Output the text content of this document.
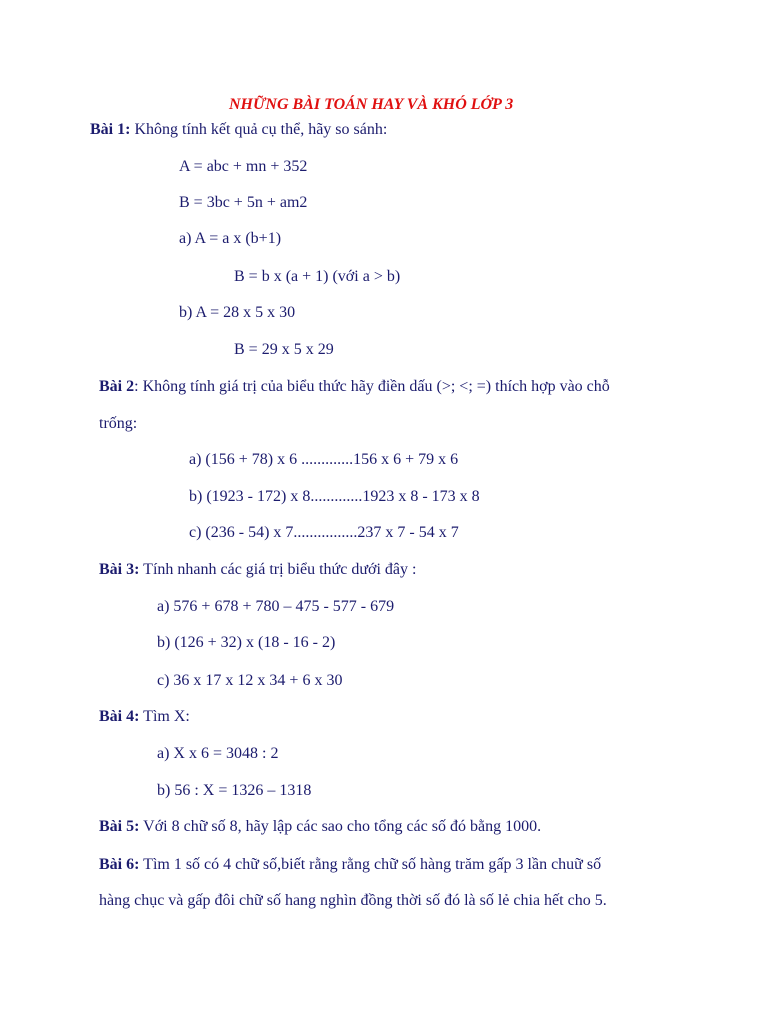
NHỮNG BÀI TOÁN HAY VÀ KHÓ LỚP 3
Bài 1: Không tính kết quả cụ thể, hãy so sánh:
A = abc + mn + 352
B = 3bc + 5n + am2
a) A = a x (b+1)
B = b x (a + 1) (với a > b)
b) A = 28 x 5 x 30
B = 29 x 5 x 29
Bài 2: Không tính giá trị của biểu thức hãy điền dấu (>; <; =) thích hợp vào chỗ
trống:
a) (156 + 78) x 6 .............156 x 6 + 79 x 6
b) (1923 - 172) x 8.............1923 x 8 - 173 x 8
c) (236 - 54) x 7................237 x 7 - 54 x 7
Bài 3: Tính nhanh các giá trị biểu thức dưới đây :
a) 576 + 678 + 780 – 475 - 577 - 679
b) (126 + 32) x (18 - 16 - 2)
c) 36 x 17 x 12 x 34 + 6 x 30
Bài 4: Tìm X:
a) X x 6 = 3048 : 2
b) 56 : X = 1326 – 1318
Bài 5: Với 8 chữ số 8, hãy lập các sao cho tổng các số đó bằng 1000.
Bài 6: Tìm 1 số có 4 chữ số,biết rằng rằng chữ số hàng trăm gấp 3 lần chuữ số
hàng chục và gấp đôi chữ số hang nghìn đồng thời số đó là số lẻ chia hết cho 5.
